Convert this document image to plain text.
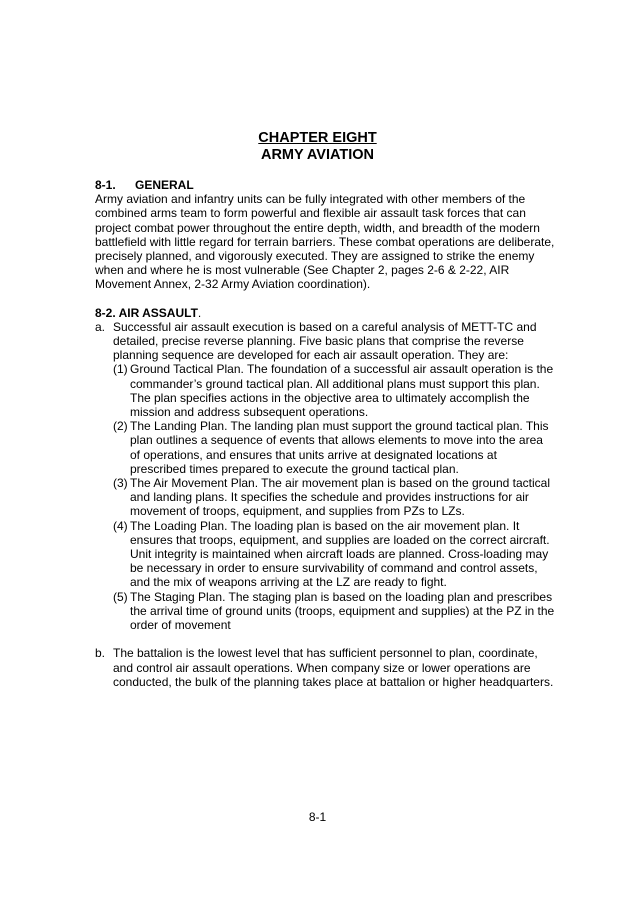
CHAPTER EIGHT
ARMY AVIATION

8-1. GENERAL

Army aviation and infantry units can be fully integrated with other members of the combined arms team to form powerful and flexible air assault task forces that can project combat power throughout the entire depth, width, and breadth of the modern battlefield with little regard for terrain barriers. These combat operations are deliberate, precisely planned, and vigorously executed. They are assigned to strike the enemy when and where he is most vulnerable (See Chapter 2, pages 2-6 & 2-22, AIR Movement Annex, 2-32 Army Aviation coordination).

8-2. AIR ASSAULT.

a. Successful air assault execution is based on a careful analysis of METT-TC and detailed, precise reverse planning. Five basic plans that comprise the reverse planning sequence are developed for each air assault operation. They are:
(1) Ground Tactical Plan. The foundation of a successful air assault operation is the commander’s ground tactical plan. All additional plans must support this plan. The plan specifies actions in the objective area to ultimately accomplish the mission and address subsequent operations.
(2) The Landing Plan. The landing plan must support the ground tactical plan. This plan outlines a sequence of events that allows elements to move into the area of operations, and ensures that units arrive at designated locations at prescribed times prepared to execute the ground tactical plan.
(3) The Air Movement Plan. The air movement plan is based on the ground tactical and landing plans. It specifies the schedule and provides instructions for air movement of troops, equipment, and supplies from PZs to LZs.
(4) The Loading Plan. The loading plan is based on the air movement plan. It ensures that troops, equipment, and supplies are loaded on the correct aircraft. Unit integrity is maintained when aircraft loads are planned. Cross-loading may be necessary in order to ensure survivability of command and control assets, and the mix of weapons arriving at the LZ are ready to fight.
(5) The Staging Plan. The staging plan is based on the loading plan and prescribes the arrival time of ground units (troops, equipment and supplies) at the PZ in the order of movement
b. The battalion is the lowest level that has sufficient personnel to plan, coordinate, and control air assault operations. When company size or lower operations are conducted, the bulk of the planning takes place at battalion or higher headquarters.
8-1
